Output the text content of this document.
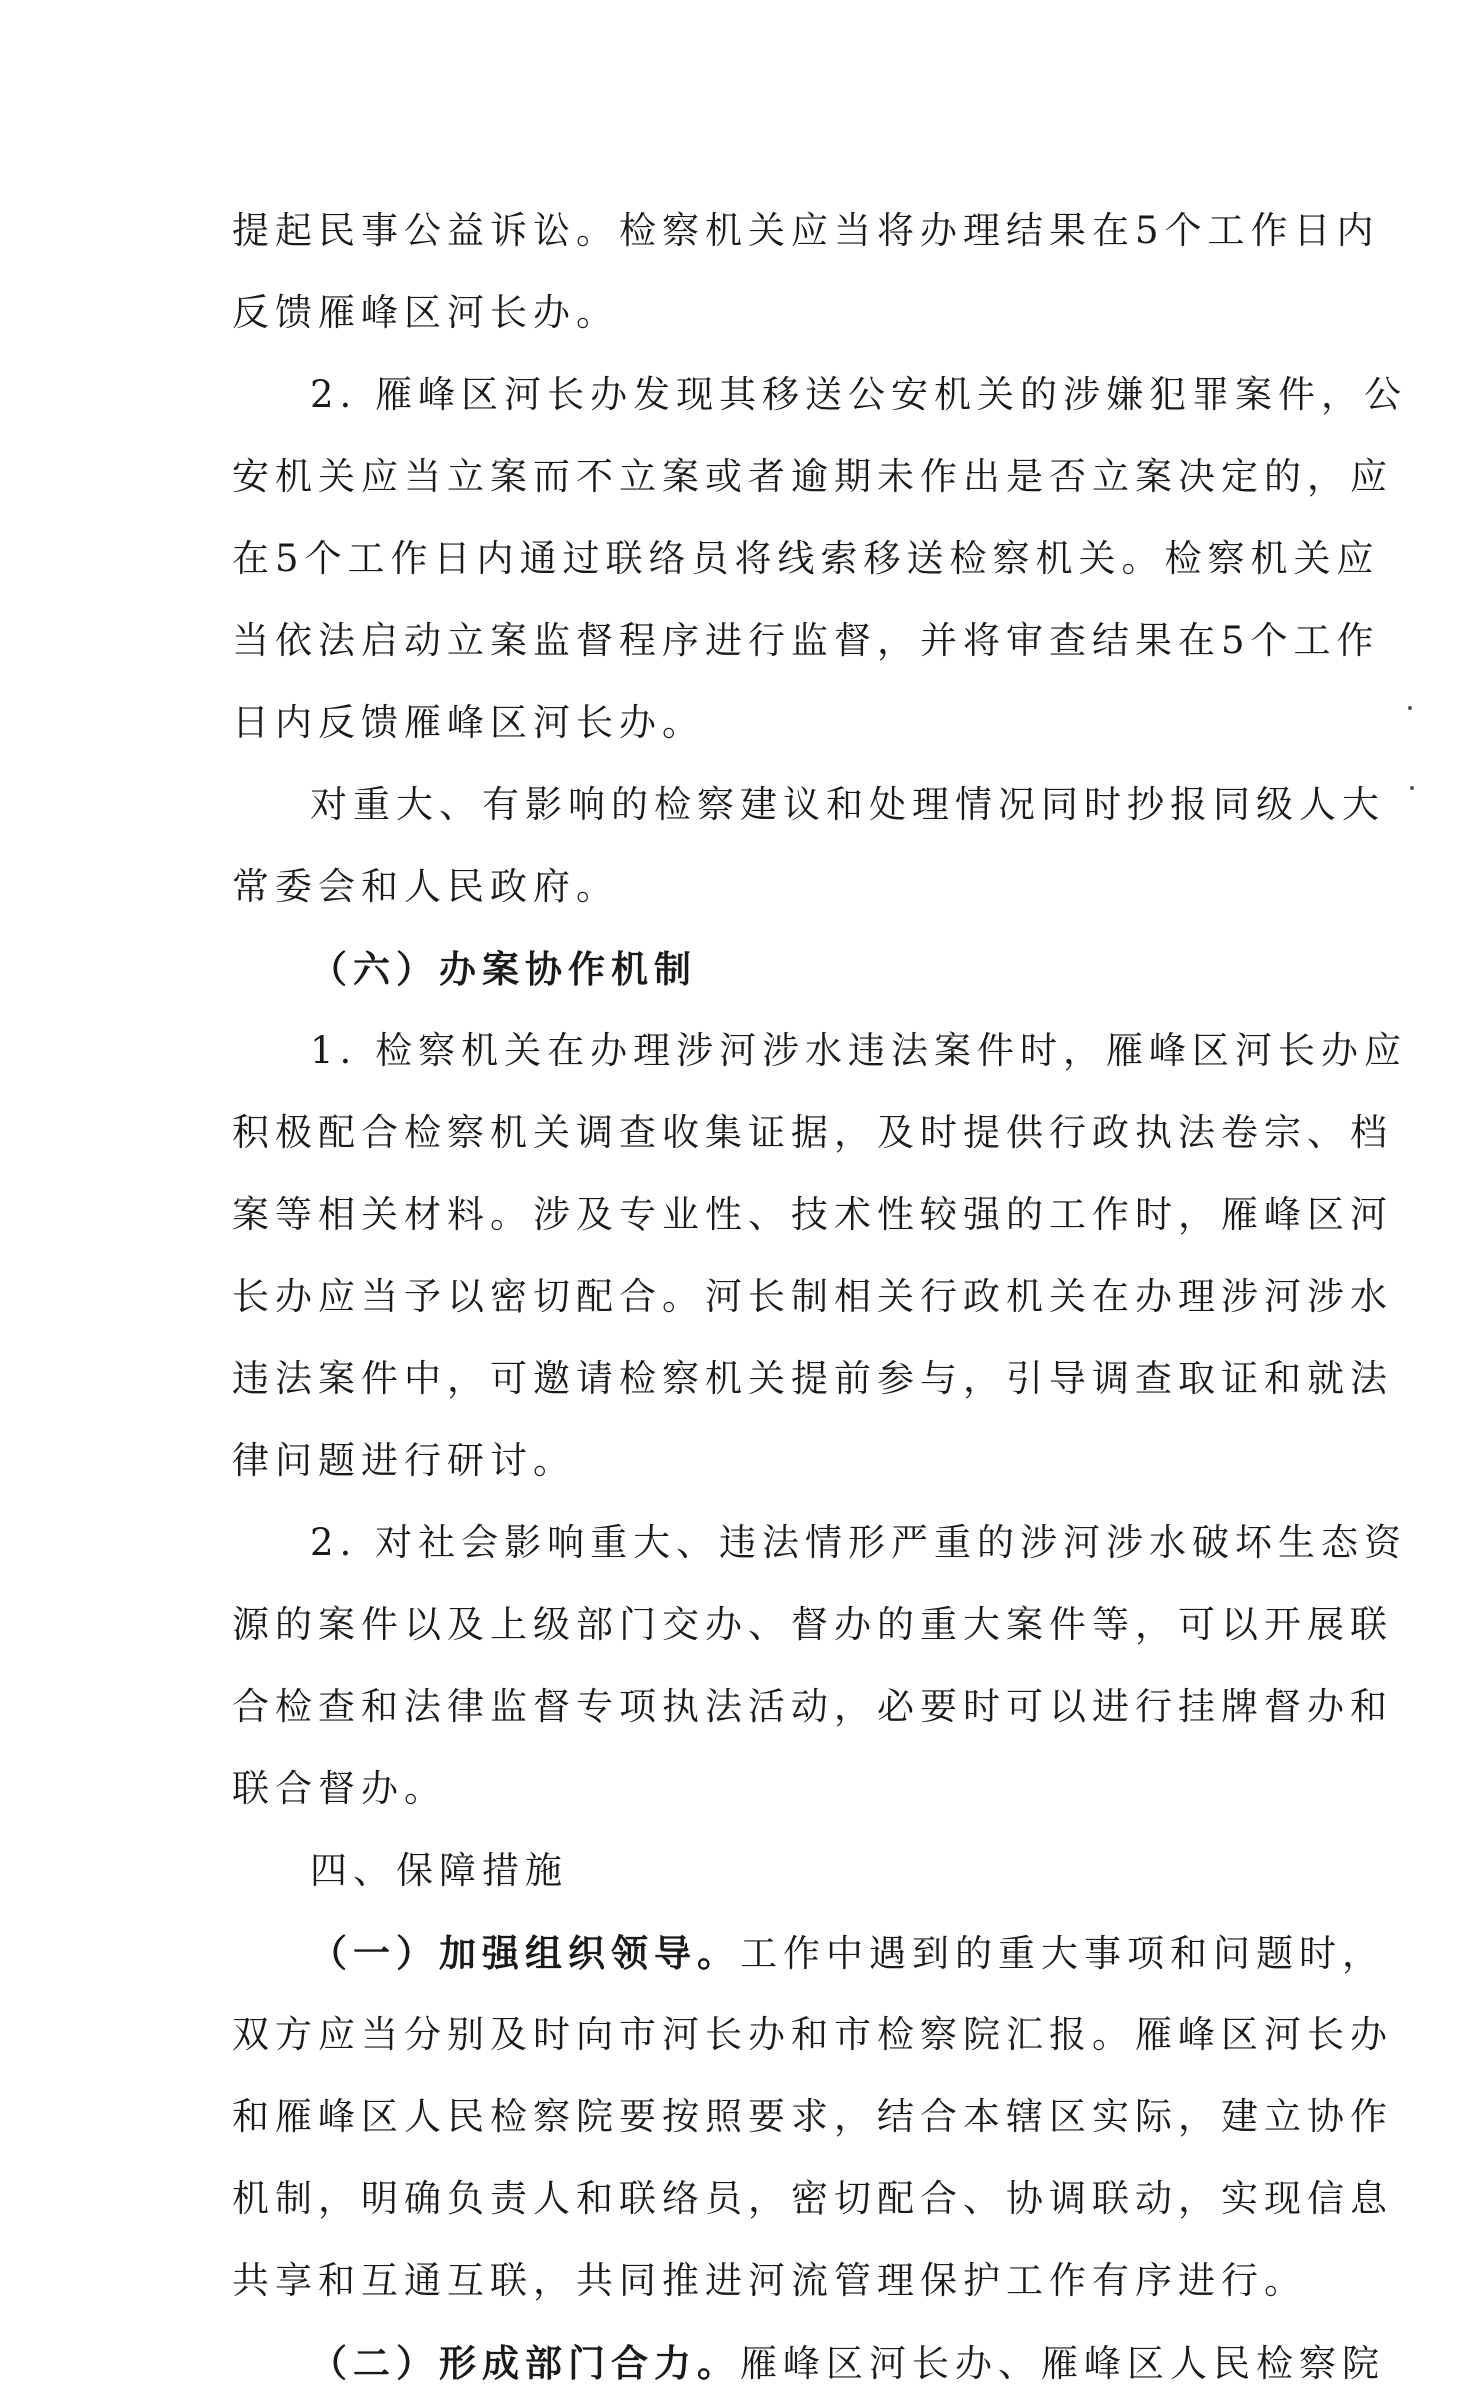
提起民事公益诉讼。检察机关应当将办理结果在5个工作日内
反馈雁峰区河长办。
2. 雁峰区河长办发现其移送公安机关的涉嫌犯罪案件，公
安机关应当立案而不立案或者逾期未作出是否立案决定的，应
在5个工作日内通过联络员将线索移送检察机关。检察机关应
当依法启动立案监督程序进行监督，并将审查结果在5个工作
日内反馈雁峰区河长办。
对重大、有影响的检察建议和处理情况同时抄报同级人大
常委会和人民政府。
（六）办案协作机制
1. 检察机关在办理涉河涉水违法案件时，雁峰区河长办应
积极配合检察机关调查收集证据，及时提供行政执法卷宗、档
案等相关材料。涉及专业性、技术性较强的工作时，雁峰区河
长办应当予以密切配合。河长制相关行政机关在办理涉河涉水
违法案件中，可邀请检察机关提前参与，引导调查取证和就法
律问题进行研讨。
2. 对社会影响重大、违法情形严重的涉河涉水破坏生态资
源的案件以及上级部门交办、督办的重大案件等，可以开展联
合检查和法律监督专项执法活动，必要时可以进行挂牌督办和
联合督办。
四、保障措施
（一）加强组织领导。工作中遇到的重大事项和问题时，
双方应当分别及时向市河长办和市检察院汇报。雁峰区河长办
和雁峰区人民检察院要按照要求，结合本辖区实际，建立协作
机制，明确负责人和联络员，密切配合、协调联动，实现信息
共享和互通互联，共同推进河流管理保护工作有序进行。
（二）形成部门合力。雁峰区河长办、雁峰区人民检察院
